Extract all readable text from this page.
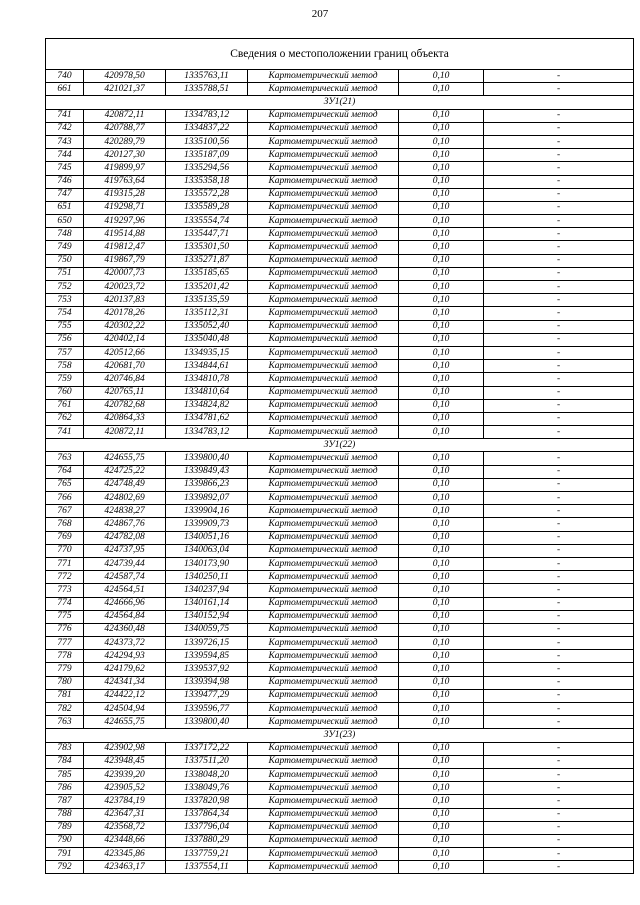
207
Сведения о местоположении границ объекта					
740	420978,50	1335763,11	Картометрический метод	0,10	-
661	421021,37	1335788,51	Картометрический метод	0,10	-
ЗУ1(21)					
741	420872,11	1334783,12	Картометрический метод	0,10	-
742	420788,77	1334837,22	Картометрический метод	0,10	-
743	420289,79	1335100,56	Картометрический метод	0,10	-
744	420127,30	1335187,09	Картометрический метод	0,10	-
745	419899,97	1335294,56	Картометрический метод	0,10	-
746	419763,64	1335358,18	Картометрический метод	0,10	-
747	419315,28	1335572,28	Картометрический метод	0,10	-
651	419298,71	1335589,28	Картометрический метод	0,10	-
650	419297,96	1335554,74	Картометрический метод	0,10	-
748	419514,88	1335447,71	Картометрический метод	0,10	-
749	419812,47	1335301,50	Картометрический метод	0,10	-
750	419867,79	1335271,87	Картометрический метод	0,10	-
751	420007,73	1335185,65	Картометрический метод	0,10	-
752	420023,72	1335201,42	Картометрический метод	0,10	-
753	420137,83	1335135,59	Картометрический метод	0,10	-
754	420178,26	1335112,31	Картометрический метод	0,10	-
755	420302,22	1335052,40	Картометрический метод	0,10	-
756	420402,14	1335040,48	Картометрический метод	0,10	-
757	420512,66	1334935,15	Картометрический метод	0,10	-
758	420681,70	1334844,61	Картометрический метод	0,10	-
759	420746,84	1334810,78	Картометрический метод	0,10	-
760	420765,11	1334810,64	Картометрический метод	0,10	-
761	420782,68	1334824,82	Картометрический метод	0,10	-
762	420864,33	1334781,62	Картометрический метод	0,10	-
741	420872,11	1334783,12	Картометрический метод	0,10	-
ЗУ1(22)					
763	424655,75	1339800,40	Картометрический метод	0,10	-
764	424725,22	1339849,43	Картометрический метод	0,10	-
765	424748,49	1339866,23	Картометрический метод	0,10	-
766	424802,69	1339892,07	Картометрический метод	0,10	-
767	424838,27	1339904,16	Картометрический метод	0,10	-
768	424867,76	1339909,73	Картометрический метод	0,10	-
769	424782,08	1340051,16	Картометрический метод	0,10	-
770	424737,95	1340063,04	Картометрический метод	0,10	-
771	424739,44	1340173,90	Картометрический метод	0,10	-
772	424587,74	1340250,11	Картометрический метод	0,10	-
773	424564,51	1340237,94	Картометрический метод	0,10	-
774	424666,96	1340161,14	Картометрический метод	0,10	-
775	424564,84	1340152,94	Картометрический метод	0,10	-
776	424360,48	1340059,75	Картометрический метод	0,10	-
777	424373,72	1339726,15	Картометрический метод	0,10	-
778	424294,93	1339594,85	Картометрический метод	0,10	-
779	424179,62	1339537,92	Картометрический метод	0,10	-
780	424341,34	1339394,98	Картометрический метод	0,10	-
781	424422,12	1339477,29	Картометрический метод	0,10	-
782	424504,94	1339596,77	Картометрический метод	0,10	-
763	424655,75	1339800,40	Картометрический метод	0,10	-
ЗУ1(23)					
783	423902,98	1337172,22	Картометрический метод	0,10	-
784	423948,45	1337511,20	Картометрический метод	0,10	-
785	423939,20	1338048,20	Картометрический метод	0,10	-
786	423905,52	1338049,76	Картометрический метод	0,10	-
787	423784,19	1337820,98	Картометрический метод	0,10	-
788	423647,31	1337864,34	Картометрический метод	0,10	-
789	423568,72	1337796,04	Картометрический метод	0,10	-
790	423448,66	1337880,29	Картометрический метод	0,10	-
791	423345,86	1337759,21	Картометрический метод	0,10	-
792	423463,17	1337554,11	Картометрический метод	0,10	-
